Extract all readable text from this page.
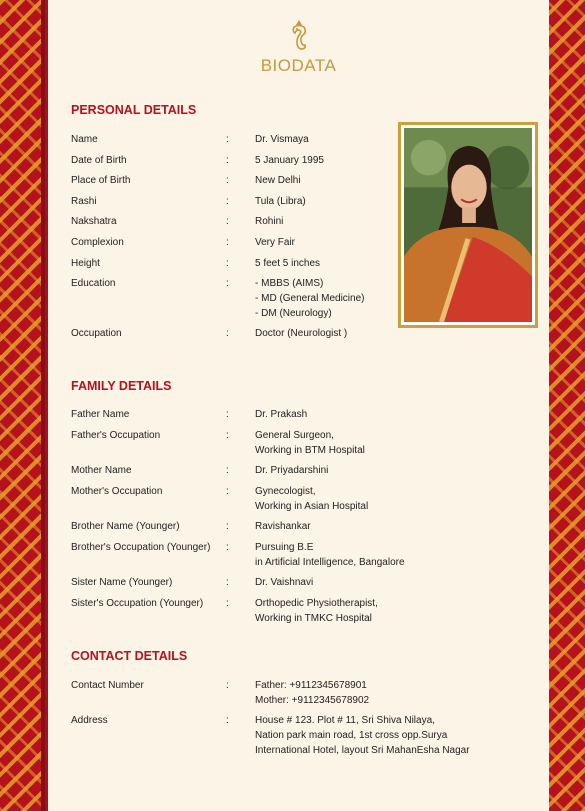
BIODATA
PERSONAL DETAILS
Name	:	Dr. Vismaya
Date of Birth	:	5 January 1995
Place of Birth	:	New Delhi
Rashi	:	Tula (Libra)
Nakshatra	:	Rohini
Complexion	:	Very Fair
Height	:	5 feet 5 inches
Education	:	- MBBS (AIMS)
- MD (General Medicine)
- DM (Neurology)
Occupation	:	Doctor (Neurologist )
FAMILY DETAILS
Father Name	:	Dr. Prakash
Father's Occupation	:	General Surgeon,
Working in BTM Hospital
Mother Name	:	Dr. Priyadarshini
Mother's Occupation	:	Gynecologist,
Working in Asian Hospital
Brother Name (Younger)	:	Ravishankar
Brother's Occupation (Younger)	:	Pursuing B.E
in Artificial Intelligence, Bangalore
Sister Name (Younger)	:	Dr. Vaishnavi
Sister's Occupation (Younger)	:	Orthopedic Physiotherapist,
Working in TMKC Hospital
CONTACT DETAILS
Contact Number	:	Father: +9112345678901
Mother: +9112345678902
Address	:	House # 123. Plot # 11, Sri Shiva Nilaya,
Nation park main road, 1st cross opp.Surya
International Hotel, layout Sri MahanEsha Nagar
